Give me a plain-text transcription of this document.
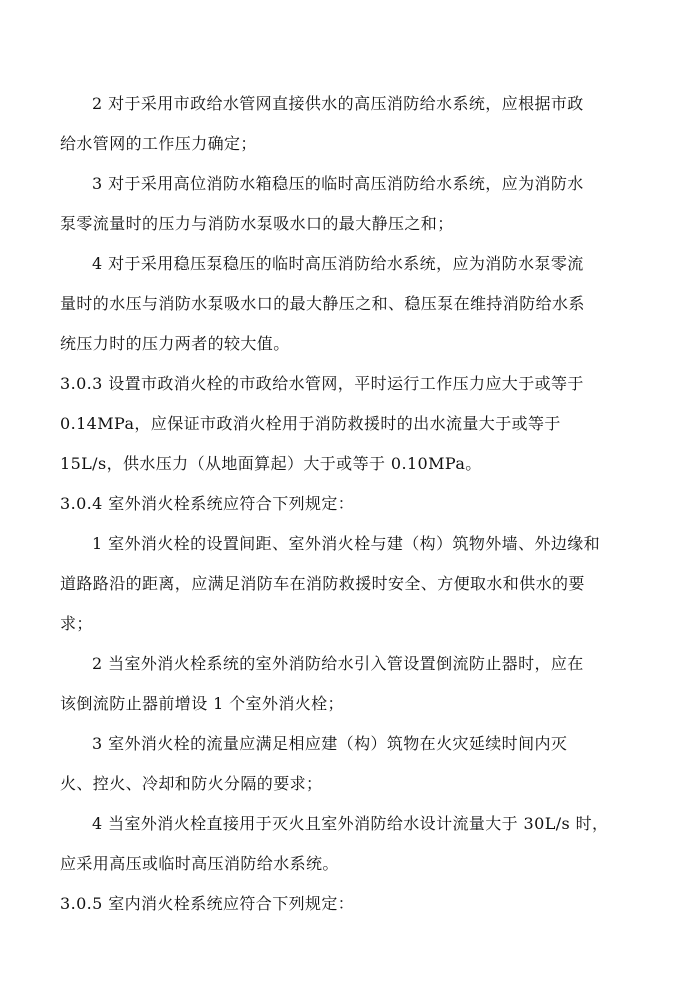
2 对于采用市政给水管网直接供水的高压消防给水系统，应根据市政
给水管网的工作压力确定；
3 对于采用高位消防水箱稳压的临时高压消防给水系统，应为消防水
泵零流量时的压力与消防水泵吸水口的最大静压之和；
4 对于采用稳压泵稳压的临时高压消防给水系统，应为消防水泵零流
量时的水压与消防水泵吸水口的最大静压之和、稳压泵在维持消防给水系
统压力时的压力两者的较大值。
3.0.3 设置市政消火栓的市政给水管网，平时运行工作压力应大于或等于
0.14MPa，应保证市政消火栓用于消防救援时的出水流量大于或等于
15L/s，供水压力（从地面算起）大于或等于 0.10MPa。
3.0.4 室外消火栓系统应符合下列规定：
1 室外消火栓的设置间距、室外消火栓与建（构）筑物外墙、外边缘和
道路路沿的距离，应满足消防车在消防救援时安全、方便取水和供水的要
求；
2 当室外消火栓系统的室外消防给水引入管设置倒流防止器时，应在
该倒流防止器前增设 1 个室外消火栓；
3 室外消火栓的流量应满足相应建（构）筑物在火灾延续时间内灭
火、控火、冷却和防火分隔的要求；
4 当室外消火栓直接用于灭火且室外消防给水设计流量大于 30L/s 时，
应采用高压或临时高压消防给水系统。
3.0.5 室内消火栓系统应符合下列规定：
